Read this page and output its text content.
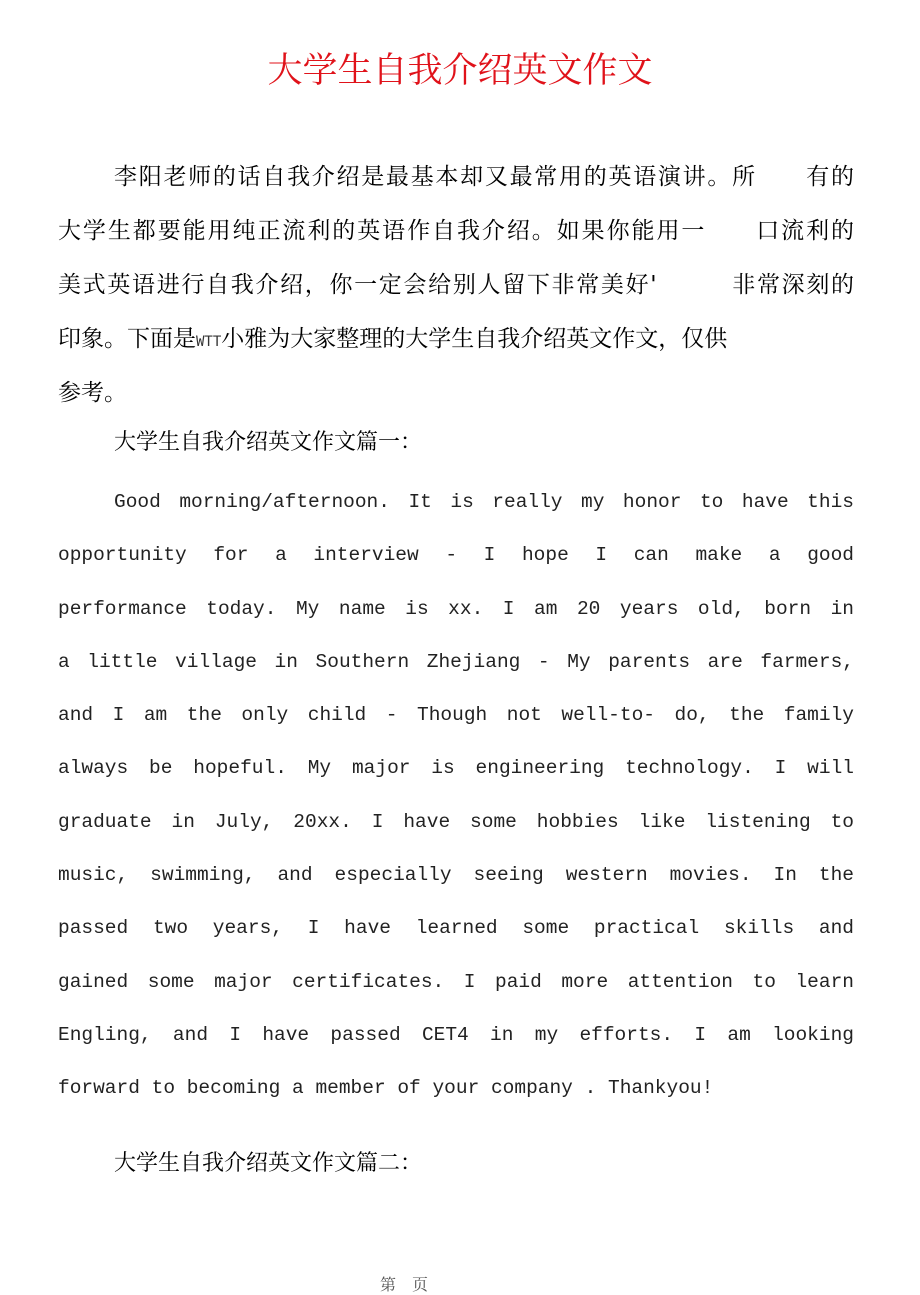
大学生自我介绍英文作文
李阳老师的话自我介绍是最基本却又最常用的英语演讲。所　　有的
大学生都要能用纯正流利的英语作自我介绍。如果你能用一　　口流利的
美式英语进行自我介绍，你一定会给别人留下非常美好'　　　非常深刻的
印象。下面是WTT小雅为大家整理的大学生自我介绍英文作文，仅供
参考。
大学生自我介绍英文作文篇一：
Good morning/afternoon. It is really my honor to have this
opportunity for a interview - I hope I can make a good
performance today. My name is xx. I am 20 years old, born in
a little village in Southern Zhejiang - My parents are farmers,
and I am the only child - Though not well-to- do, the family
always be hopeful. My major is engineering technology. I will
graduate in July, 20xx. I have some hobbies like listening to
music, swimming, and especially seeing western movies. In the
passed two years, I have learned some practical skills and
gained some major certificates. I paid more attention to learn
Engling, and I have passed CET4 in my efforts. I am looking
forward to becoming a member of your company . Thankyou!
大学生自我介绍英文作文篇二：
第　页
